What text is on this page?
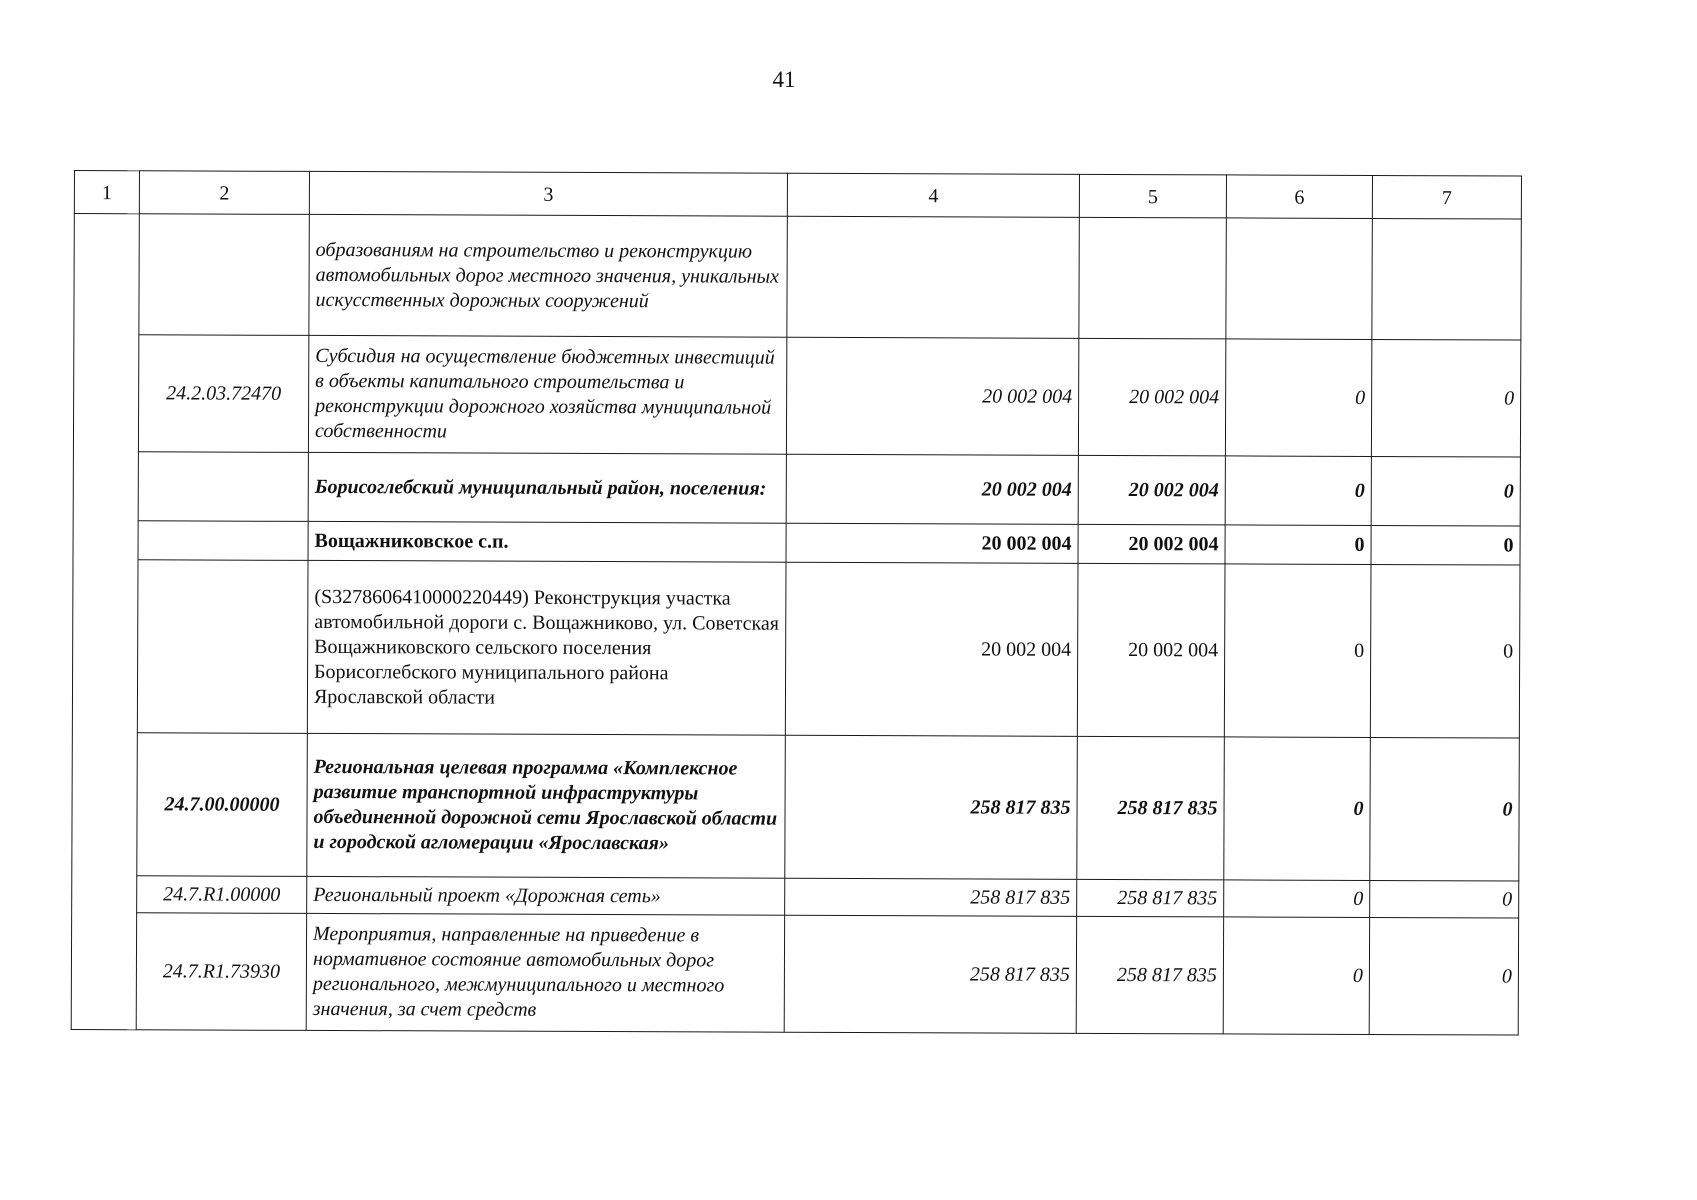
41
1	2	3	4	5	6	7
		образованиям на строительство и реконструкцию автомобильных дорог местного значения, уникальных искусственных дорожных сооружений				
	24.2.03.72470	Субсидия на осуществление бюджетных инвестиций в объекты капитального строительства и реконструкции дорожного хозяйства муниципальной собственности	20 002 004	20 002 004	0	0
		Борисоглебский муниципальный район, поселения:	20 002 004	20 002 004	0	0
		Вощажниковское с.п.	20 002 004	20 002 004	0	0
		(S3278606410000220449) Реконструкция участка автомобильной дороги с. Вощажниково, ул. Советская Вощажниковского сельского поселения Борисоглебского муниципального района Ярославской области	20 002 004	20 002 004	0	0
	24.7.00.00000	Региональная целевая программа «Комплексное развитие транспортной инфраструктуры объединенной дорожной сети Ярославской области и городской агломерации «Ярославская»	258 817 835	258 817 835	0	0
	24.7.R1.00000	Региональный проект «Дорожная сеть»	258 817 835	258 817 835	0	0
	24.7.R1.73930	Мероприятия, направленные на приведение в нормативное состояние автомобильных дорог регионального, межмуниципального и местного значения, за счет средств	258 817 835	258 817 835	0	0
